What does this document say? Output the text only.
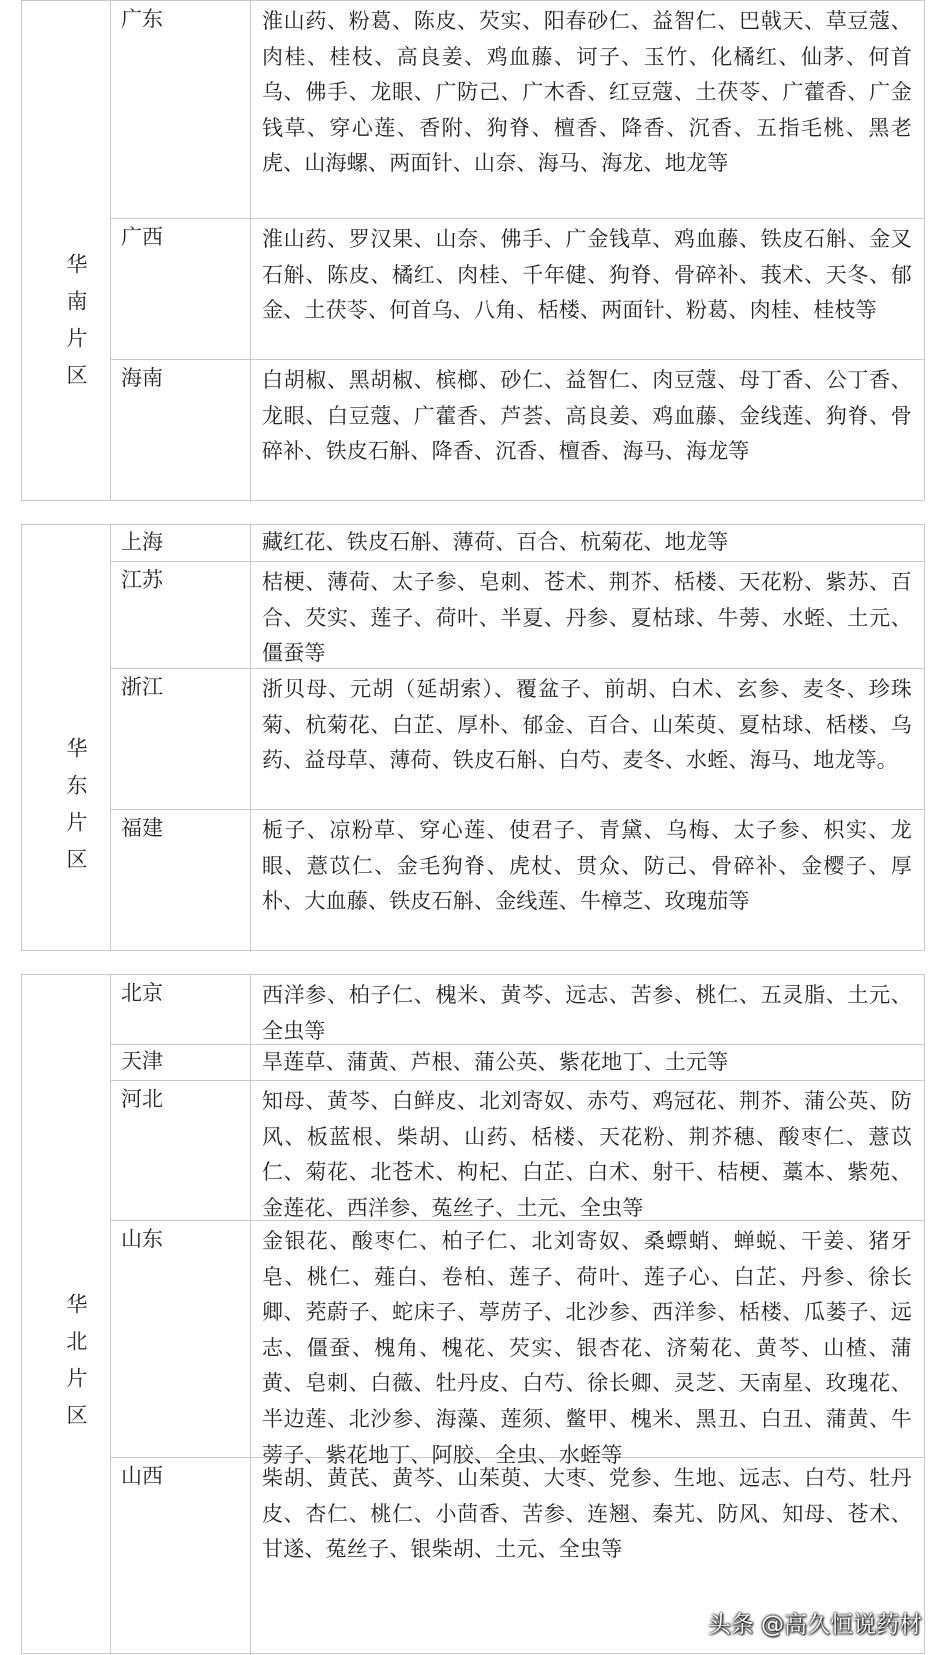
华南片区
广东	淮山药、粉葛、陈皮、芡实、阳春砂仁、益智仁、巴戟天、草豆蔻、肉桂、桂枝、高良姜、鸡血藤、诃子、玉竹、化橘红、仙茅、何首乌、佛手、龙眼、广防己、广木香、红豆蔻、土茯苓、广藿香、广金钱草、穿心莲、香附、狗脊、檀香、降香、沉香、五指毛桃、黑老虎、山海螺、两面针、山奈、海马、海龙、地龙等
广西	淮山药、罗汉果、山奈、佛手、广金钱草、鸡血藤、铁皮石斛、金叉石斛、陈皮、橘红、肉桂、千年健、狗脊、骨碎补、莪术、天冬、郁金、土茯苓、何首乌、八角、栝楼、两面针、粉葛、肉桂、桂枝等
海南	白胡椒、黑胡椒、槟榔、砂仁、益智仁、肉豆蔻、母丁香、公丁香、龙眼、白豆蔻、广藿香、芦荟、高良姜、鸡血藤、金线莲、狗脊、骨碎补、铁皮石斛、降香、沉香、檀香、海马、海龙等
华东片区
上海	藏红花、铁皮石斛、薄荷、百合、杭菊花、地龙等
江苏	桔梗、薄荷、太子参、皂刺、苍术、荆芥、栝楼、天花粉、紫苏、百合、芡实、莲子、荷叶、半夏、丹参、夏枯球、牛蒡、水蛭、土元、僵蚕等
浙江	浙贝母、元胡（延胡索）、覆盆子、前胡、白术、玄参、麦冬、珍珠菊、杭菊花、白芷、厚朴、郁金、百合、山茱萸、夏枯球、栝楼、乌药、益母草、薄荷、铁皮石斛、白芍、麦冬、水蛭、海马、地龙等。
福建	栀子、凉粉草、穿心莲、使君子、青黛、乌梅、太子参、枳实、龙眼、薏苡仁、金毛狗脊、虎杖、贯众、防己、骨碎补、金樱子、厚朴、大血藤、铁皮石斛、金线莲、牛樟芝、玫瑰茄等
华北片区
北京	西洋参、柏子仁、槐米、黄芩、远志、苦参、桃仁、五灵脂、土元、全虫等
天津	旱莲草、蒲黄、芦根、蒲公英、紫花地丁、土元等
河北	知母、黄芩、白鲜皮、北刘寄奴、赤芍、鸡冠花、荆芥、蒲公英、防风、板蓝根、柴胡、山药、栝楼、天花粉、荆芥穗、酸枣仁、薏苡仁、菊花、北苍术、枸杞、白芷、白术、射干、桔梗、藁本、紫苑、金莲花、西洋参、菟丝子、土元、全虫等
山东	金银花、酸枣仁、柏子仁、北刘寄奴、桑螵蛸、蝉蜕、干姜、猪牙皂、桃仁、薤白、卷柏、莲子、荷叶、莲子心、白芷、丹参、徐长卿、茺蔚子、蛇床子、葶苈子、北沙参、西洋参、栝楼、瓜蒌子、远志、僵蚕、槐角、槐花、芡实、银杏花、济菊花、黄芩、山楂、蒲黄、皂刺、白薇、牡丹皮、白芍、徐长卿、灵芝、天南星、玫瑰花、半边莲、北沙参、海藻、莲须、鳖甲、槐米、黑丑、白丑、蒲黄、牛蒡子、紫花地丁、阿胶、全虫、水蛭等
山西	柴胡、黄芪、黄芩、山茱萸、大枣、党参、生地、远志、白芍、牡丹皮、杏仁、桃仁、小茴香、苦参、连翘、秦艽、防风、知母、苍术、甘遂、菟丝子、银柴胡、土元、全虫等
头条 @高久恒说药材
